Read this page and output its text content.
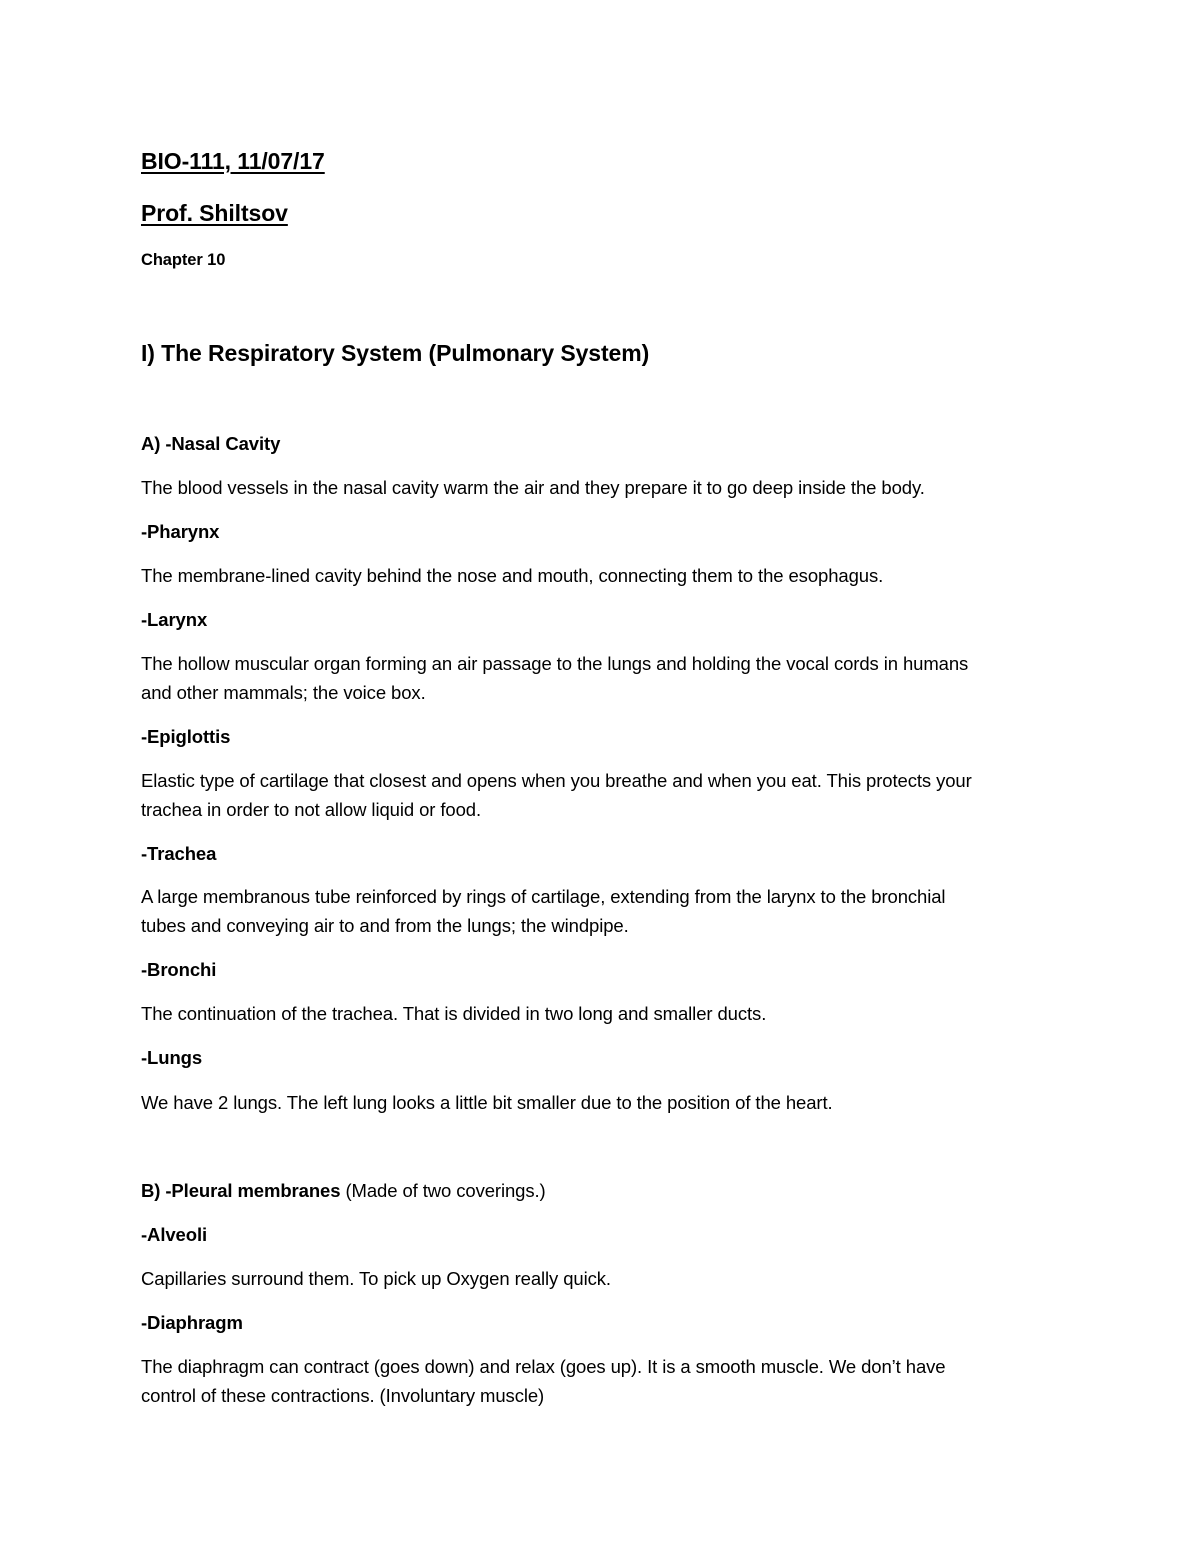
BIO-111, 11/07/17

Prof. Shiltsov

Chapter 10

I) The Respiratory System (Pulmonary System)

A) -Nasal Cavity

The blood vessels in the nasal cavity warm the air and they prepare it to go deep inside the body.

-Pharynx

The membrane-lined cavity behind the nose and mouth, connecting them to the esophagus.

-Larynx

The hollow muscular organ forming an air passage to the lungs and holding the vocal cords in humans

and other mammals; the voice box.

-Epiglottis

Elastic type of cartilage that closest and opens when you breathe and when you eat. This protects your

trachea in order to not allow liquid or food.

-Trachea

A large membranous tube reinforced by rings of cartilage, extending from the larynx to the bronchial

tubes and conveying air to and from the lungs; the windpipe.

-Bronchi

The continuation of the trachea. That is divided in two long and smaller ducts.

-Lungs

We have 2 lungs. The left lung looks a little bit smaller due to the position of the heart.

B) -Pleural membranes (Made of two coverings.)

-Alveoli

Capillaries surround them. To pick up Oxygen really quick.

-Diaphragm

The diaphragm can contract (goes down) and relax (goes up). It is a smooth muscle. We don’t have

control of these contractions. (Involuntary muscle)
